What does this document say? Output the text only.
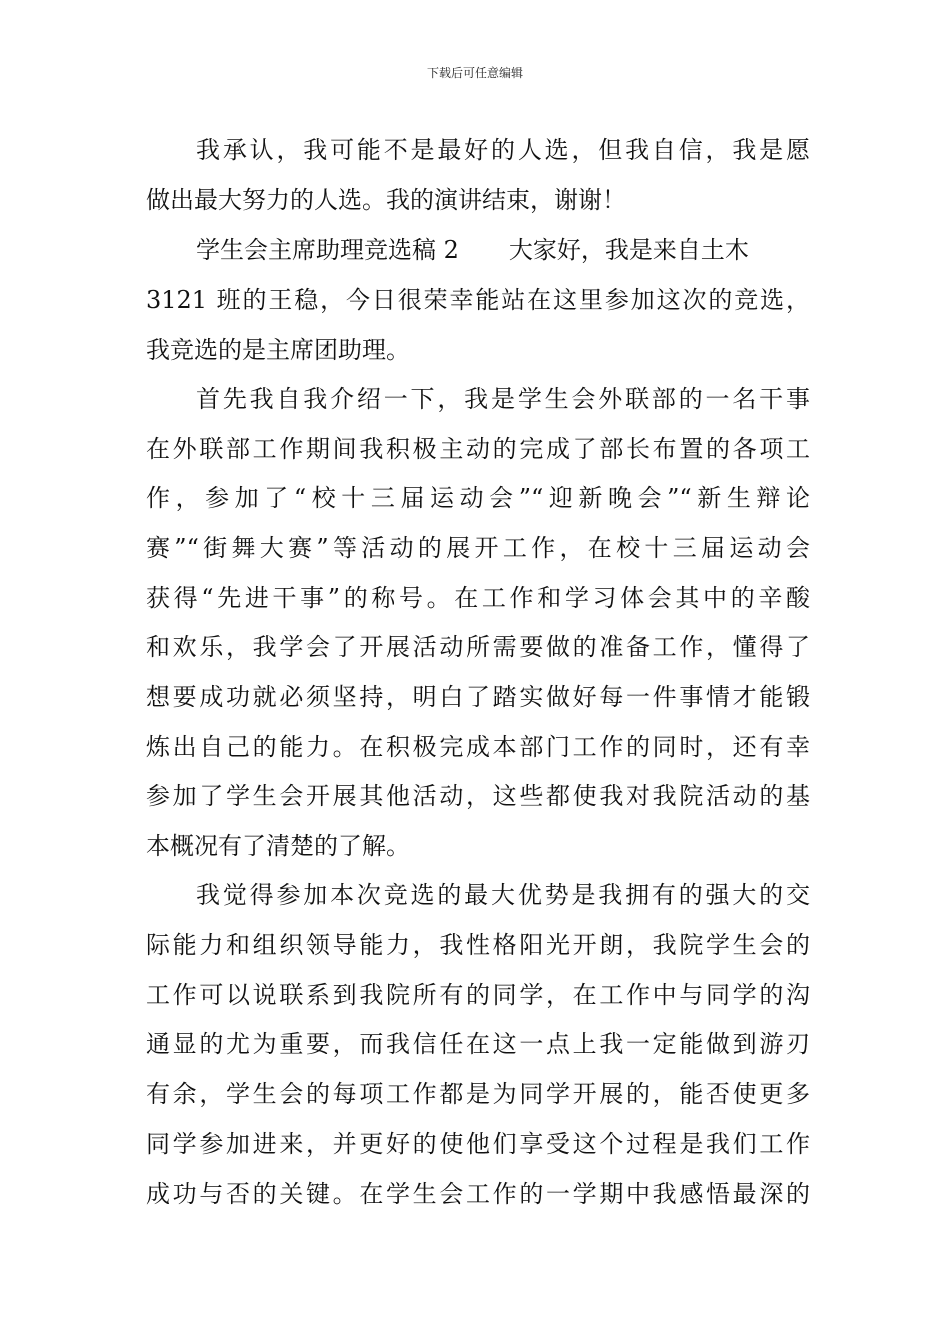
下载后可任意编辑
我承认，我可能不是最好的人选，但我自信，我是愿
做出最大努力的人选。我的演讲结束，谢谢！
学生会主席助理竞选稿 2 大家好，我是来自土木
3121 班的王稳，今日很荣幸能站在这里参加这次的竞选，
我竞选的是主席团助理。
首先我自我介绍一下，我是学生会外联部的一名干事
在外联部工作期间我积极主动的完成了部长布置的各项工
作，参加了“校十三届运动会”“迎新晚会”“新生辩论
赛”“街舞大赛”等活动的展开工作，在校十三届运动会
获得“先进干事”的称号。在工作和学习体会其中的辛酸
和欢乐，我学会了开展活动所需要做的准备工作，懂得了
想要成功就必须坚持，明白了踏实做好每一件事情才能锻
炼出自己的能力。在积极完成本部门工作的同时，还有幸
参加了学生会开展其他活动，这些都使我对我院活动的基
本概况有了清楚的了解。
我觉得参加本次竞选的最大优势是我拥有的强大的交
际能力和组织领导能力，我性格阳光开朗，我院学生会的
工作可以说联系到我院所有的同学，在工作中与同学的沟
通显的尤为重要，而我信任在这一点上我一定能做到游刃
有余，学生会的每项工作都是为同学开展的，能否使更多
同学参加进来，并更好的使他们享受这个过程是我们工作
成功与否的关键。在学生会工作的一学期中我感悟最深的
